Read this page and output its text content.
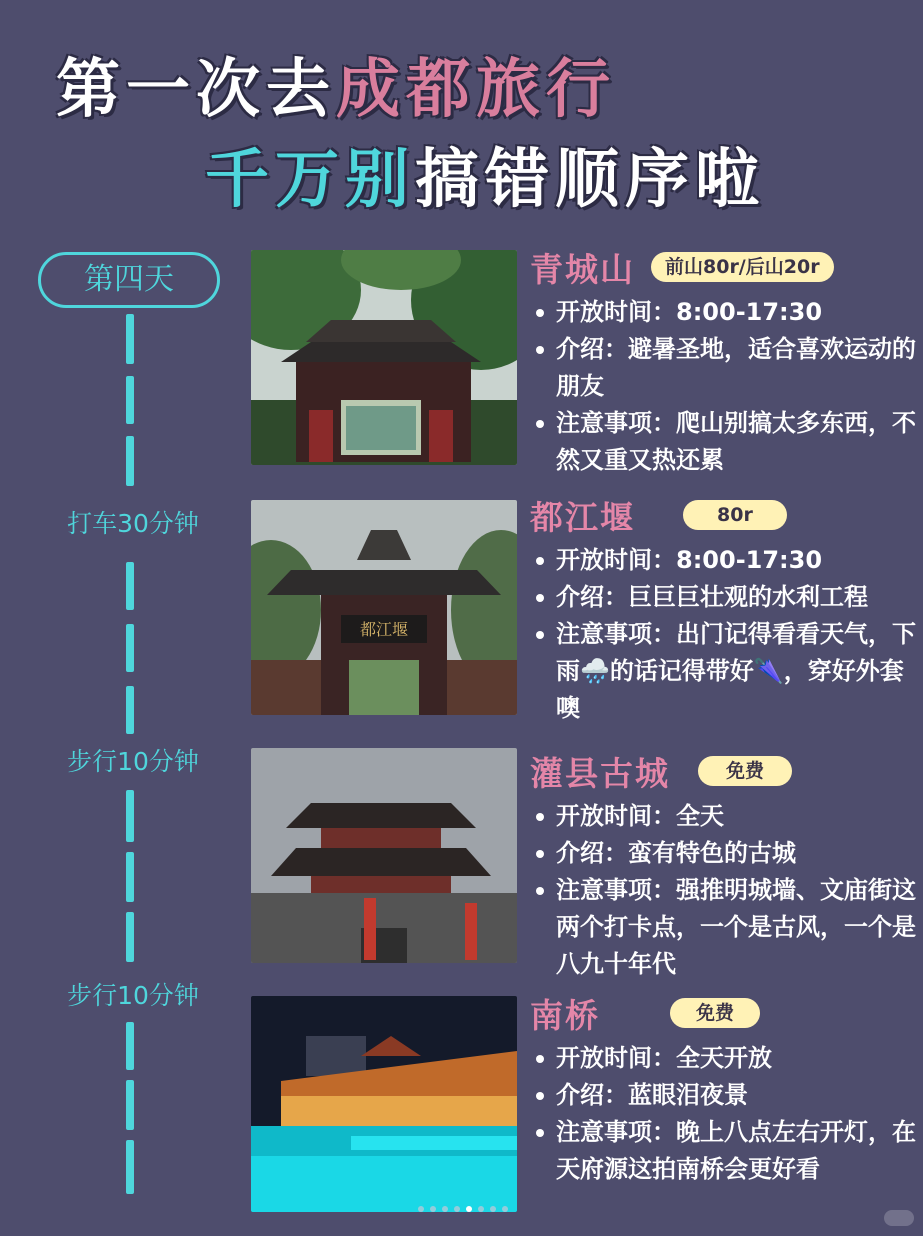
第一次去成都旅行
千万别搞错顺序啦
第四天
打车30分钟
步行10分钟
步行10分钟
都江堰
青城山	前山80r/后山20r
开放时间：8:00-17:30
介绍：避暑圣地，适合喜欢运动的朋友
注意事项：爬山别搞太多东西，不然又重又热还累
都江堰	80r
开放时间：8:00-17:30
介绍：巨巨巨壮观的水利工程
注意事项：出门记得看看天气，下雨🌧️的话记得带好🌂，穿好外套噢
灌县古城	免费
开放时间：全天
介绍：蛮有特色的古城
注意事项：强推明城墙、文庙街这两个打卡点，一个是古风，一个是八九十年代
南桥	免费
开放时间：全天开放
介绍：蓝眼泪夜景
注意事项：晚上八点左右开灯，在天府源这拍南桥会更好看
